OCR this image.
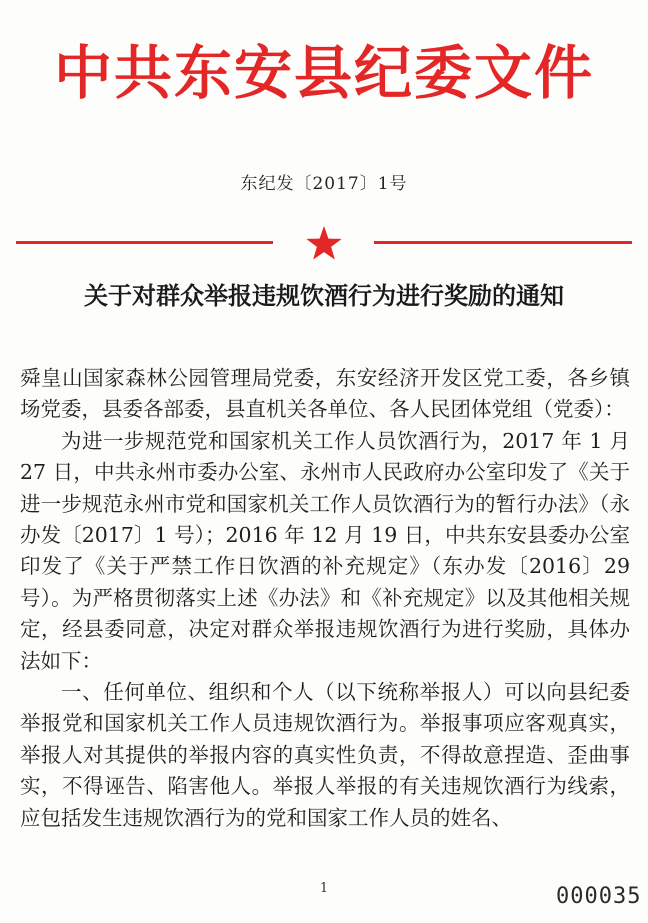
中共东安县纪委文件
东纪发〔2017〕1号
关于对群众举报违规饮酒行为进行奖励的通知

舜皇山国家森林公园管理局党委，东安经济开发区党工委，各乡镇场党委，县委各部委，县直机关各单位、各人民团体党组（党委）：

为进一步规范党和国家机关工作人员饮酒行为，2017 年 1 月 27 日，中共永州市委办公室、永州市人民政府办公室印发了《关于进一步规范永州市党和国家机关工作人员饮酒行为的暂行办法》（永办发〔2017〕1 号）；2016 年 12 月 19 日，中共东安县委办公室印发了《关于严禁工作日饮酒的补充规定》（东办发〔2016〕29 号）。为严格贯彻落实上述《办法》和《补充规定》以及其他相关规定，经县委同意，决定对群众举报违规饮酒行为进行奖励，具体办法如下：

一、任何单位、组织和个人（以下统称举报人）可以向县纪委举报党和国家机关工作人员违规饮酒行为。举报事项应客观真实，举报人对其提供的举报内容的真实性负责，不得故意捏造、歪曲事实，不得诬告、陷害他人。举报人举报的有关违规饮酒行为线索，应包括发生违规饮酒行为的党和国家工作人员的姓名、

1	000035
